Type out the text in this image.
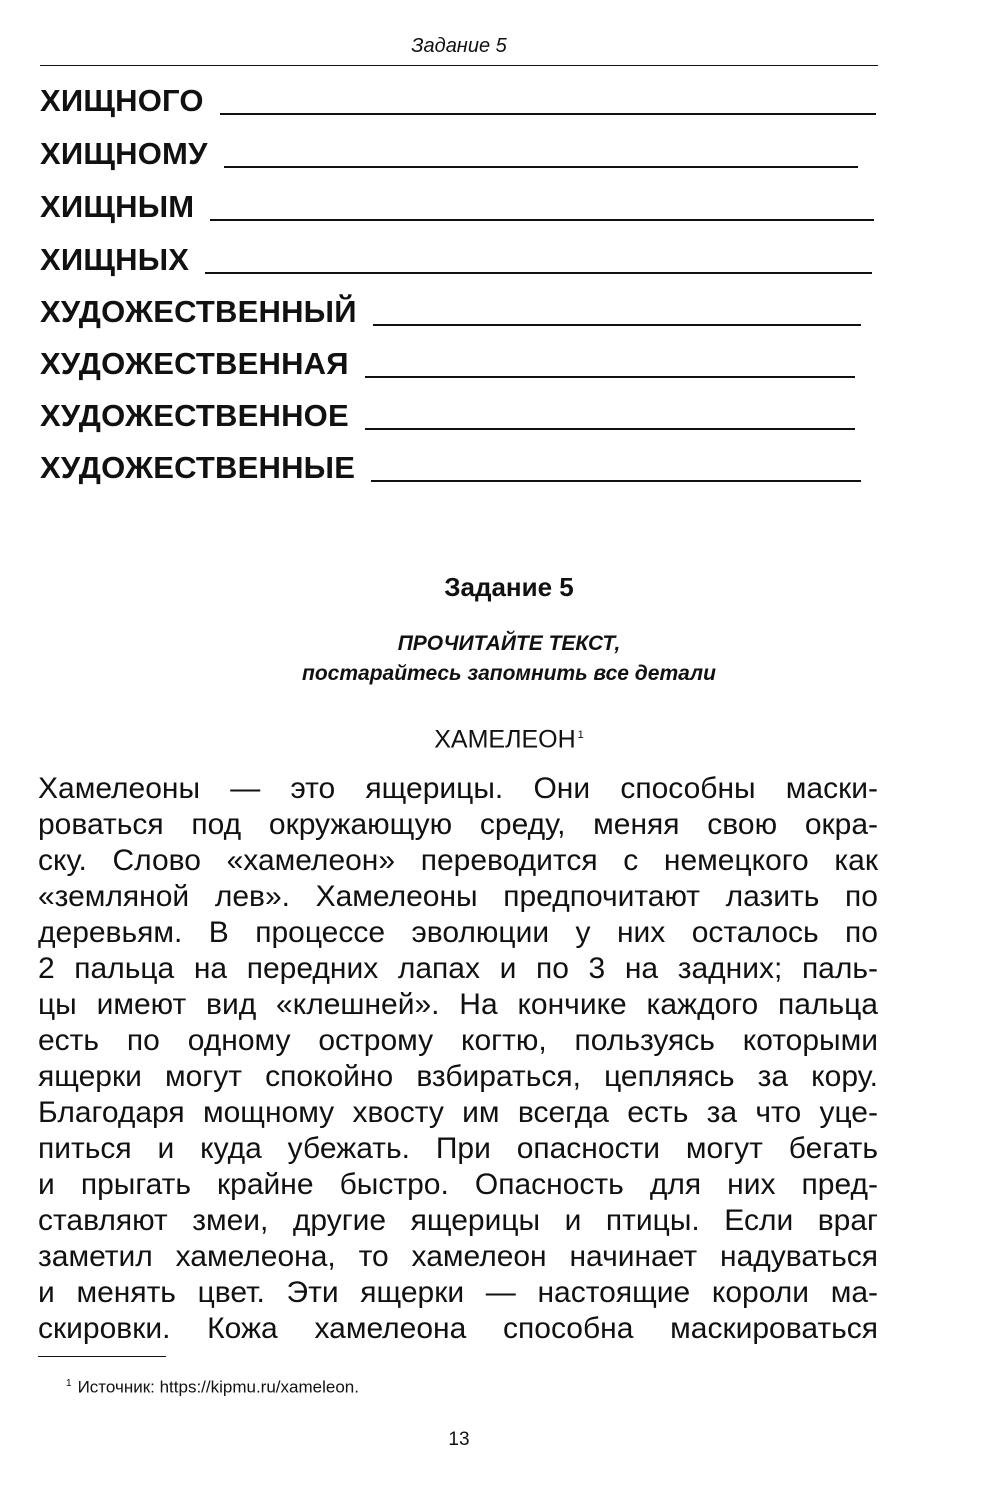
Задание 5
ХИЩНОГО
ХИЩНОМУ
ХИЩНЫМ
ХИЩНЫХ
ХУДОЖЕСТВЕННЫЙ
ХУДОЖЕСТВЕННАЯ
ХУДОЖЕСТВЕННОЕ
ХУДОЖЕСТВЕННЫЕ
Задание 5
ПРОЧИТАЙТЕ ТЕКСТ,
постарайтесь запомнить все детали
ХАМЕЛЕОН $^1$
Хамелеоны — это ящерицы. Они способны маски-
роваться под окружающую среду, меняя свою окра-
ску. Слово «хамелеон» переводится с немецкого как
«земляной лев». Хамелеоны предпочитают лазить по
деревьям. В процессе эволюции у них осталось по
2 пальца на передних лапах и по 3 на задних; паль-
цы имеют вид «клешней». На кончике каждого пальца
есть по одному острому когтю, пользуясь которыми
ящерки могут спокойно взбираться, цепляясь за кору.
Благодаря мощному хвосту им всегда есть за что уце-
питься и куда убежать. При опасности могут бегать
и прыгать крайне быстро. Опасность для них пред-
ставляют змеи, другие ящерицы и птицы. Если враг
заметил хамелеона, то хамелеон начинает надуваться
и менять цвет. Эти ящерки — настоящие короли ма-
скировки. Кожа хамелеона способна маскироваться
$^1$ Источник: https://kipmu.ru/xameleon.
13
